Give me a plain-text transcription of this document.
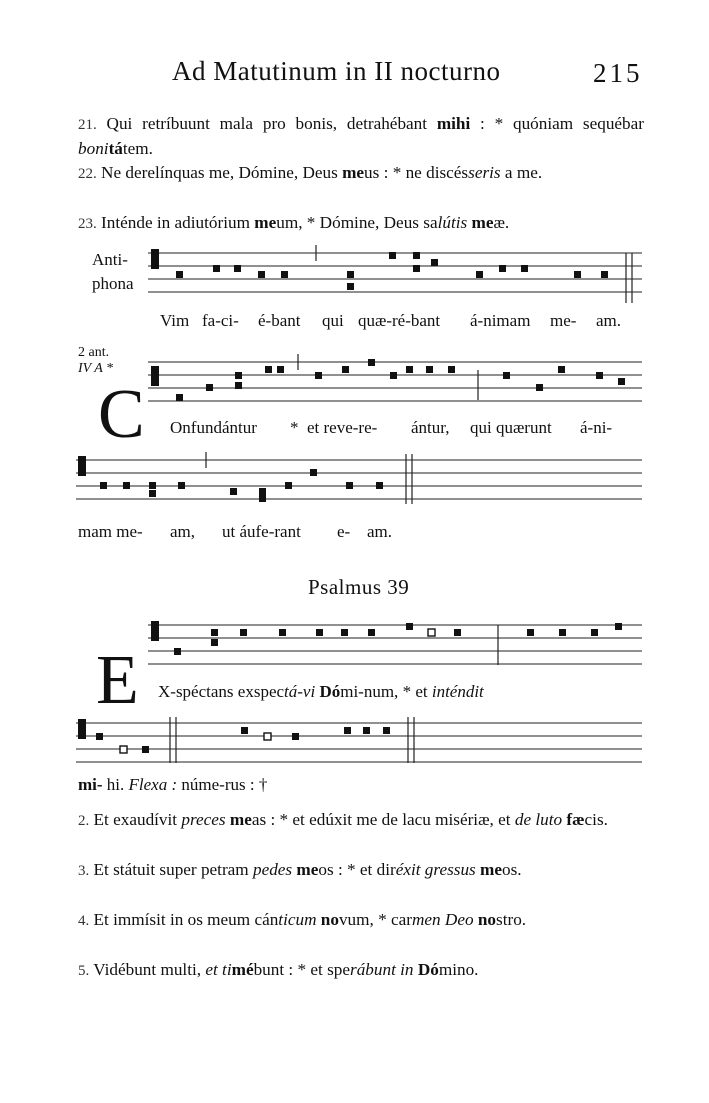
Ad Matutinum in II nocturno	215
21. Qui retríbuunt mala pro bonis, detrahébant mihi : * quóniam sequébar bonitátem.
22. Ne derelínquas me, Dómine, Deus meus : * ne discésseris a me.
23. Inténde in adiutórium meum, * Dómine, Deus salútis meæ.
Anti-
phona
Vim fa-ci- é-bant qui quæ-ré-bant á-nimam me- am.
2 ant.
IV A *
C Onfundántur * et reve-re- ántur, qui quærunt á-ni-
mam me- am, ut áufe-rant e- am.
Psalmus 39
E X-spéctans exspectá-vi Dómi-num, * et inténdit
mi- hi. Flexa : núme-rus : †
2. Et exaudívit preces meas : * et edúxit me de lacu misériæ, et de luto fæcis.
3. Et státuit super petram pedes meos : * et diréxit gressus meos.
4. Et immísit in os meum cánticum novum, * carmen Deo nostro.
5. Vidébunt multi, et timébunt : * et sperábunt in Dómino.
